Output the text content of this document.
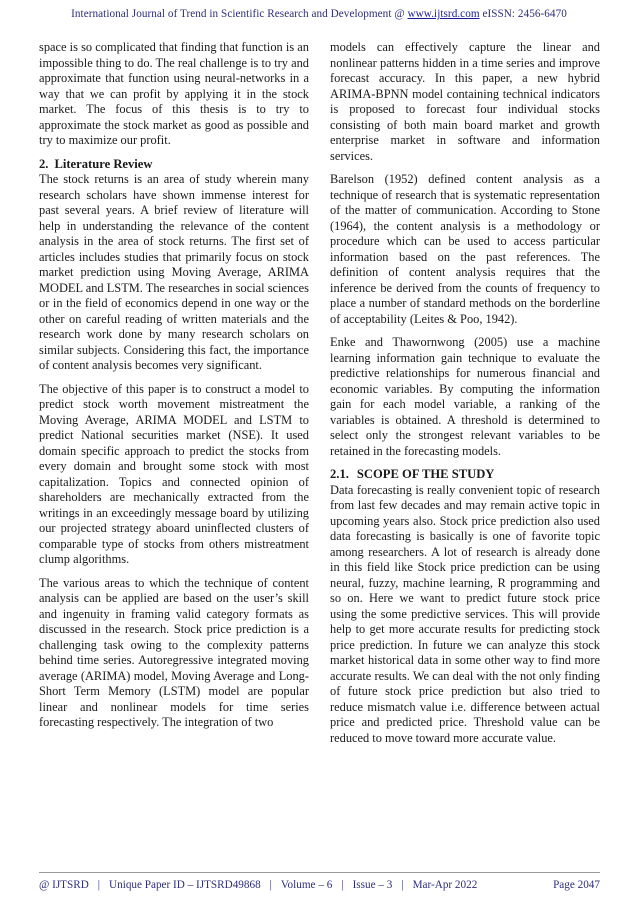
International Journal of Trend in Scientific Research and Development @ www.ijtsrd.com eISSN: 2456-6470

space is so complicated that finding that function is an impossible thing to do. The real challenge is to try and approximate that function using neural-networks in a way that we can profit by applying it in the stock market. The focus of this thesis is to try to approximate the stock market as good as possible and try to maximize our profit.

2. Literature Review

The stock returns is an area of study wherein many research scholars have shown immense interest for past several years. A brief review of literature will help in understanding the relevance of the content analysis in the area of stock returns. The first set of articles includes studies that primarily focus on stock market prediction using Moving Average, ARIMA MODEL and LSTM. The researches in social sciences or in the field of economics depend in one way or the other on careful reading of written materials and the research work done by many research scholars on similar subjects. Considering this fact, the importance of content analysis becomes very significant.

The objective of this paper is to construct a model to predict stock worth movement mistreatment the Moving Average, ARIMA MODEL and LSTM to predict National securities market (NSE). It used domain specific approach to predict the stocks from every domain and brought some stock with most capitalization. Topics and connected opinion of shareholders are mechanically extracted from the writings in an exceedingly message board by utilizing our projected strategy aboard uninflected clusters of comparable type of stocks from others mistreatment clump algorithms.

The various areas to which the technique of content analysis can be applied are based on the user’s skill and ingenuity in framing valid category formats as discussed in the research. Stock price prediction is a challenging task owing to the complexity patterns behind time series. Autoregressive integrated moving average (ARIMA) model, Moving Average and Long-Short Term Memory (LSTM) model are popular linear and nonlinear models for time series forecasting respectively. The integration of two

models can effectively capture the linear and nonlinear patterns hidden in a time series and improve forecast accuracy. In this paper, a new hybrid ARIMA-BPNN model containing technical indicators is proposed to forecast four individual stocks consisting of both main board market and growth enterprise market in software and information services.

Barelson (1952) defined content analysis as a technique of research that is systematic representation of the matter of communication. According to Stone (1964), the content analysis is a methodology or procedure which can be used to access particular information based on the past references. The definition of content analysis requires that the inference be derived from the counts of frequency to place a number of standard methods on the borderline of acceptability (Leites & Poo, 1942).

Enke and Thawornwong (2005) use a machine learning information gain technique to evaluate the predictive relationships for numerous financial and economic variables. By computing the information gain for each model variable, a ranking of the variables is obtained. A threshold is determined to select only the strongest relevant variables to be retained in the forecasting models.

2.1. SCOPE OF THE STUDY

Data forecasting is really convenient topic of research from last few decades and may remain active topic in upcoming years also. Stock price prediction also used data forecasting is basically is one of favorite topic among researchers. A lot of research is already done in this field like Stock price prediction can be using neural, fuzzy, machine learning, R programming and so on. Here we want to predict future stock price using the some predictive services. This will provide help to get more accurate results for predicting stock price prediction. In future we can analyze this stock market historical data in some other way to find more accurate results. We can deal with the not only finding of future stock price prediction but also tried to reduce mismatch value i.e. difference between actual price and predicted price. Threshold value can be reduced to move toward more accurate value.

@ IJTSRD | Unique Paper ID – IJTSRD49868 | Volume – 6 | Issue – 3 | Mar-Apr 2022	Page 2047
